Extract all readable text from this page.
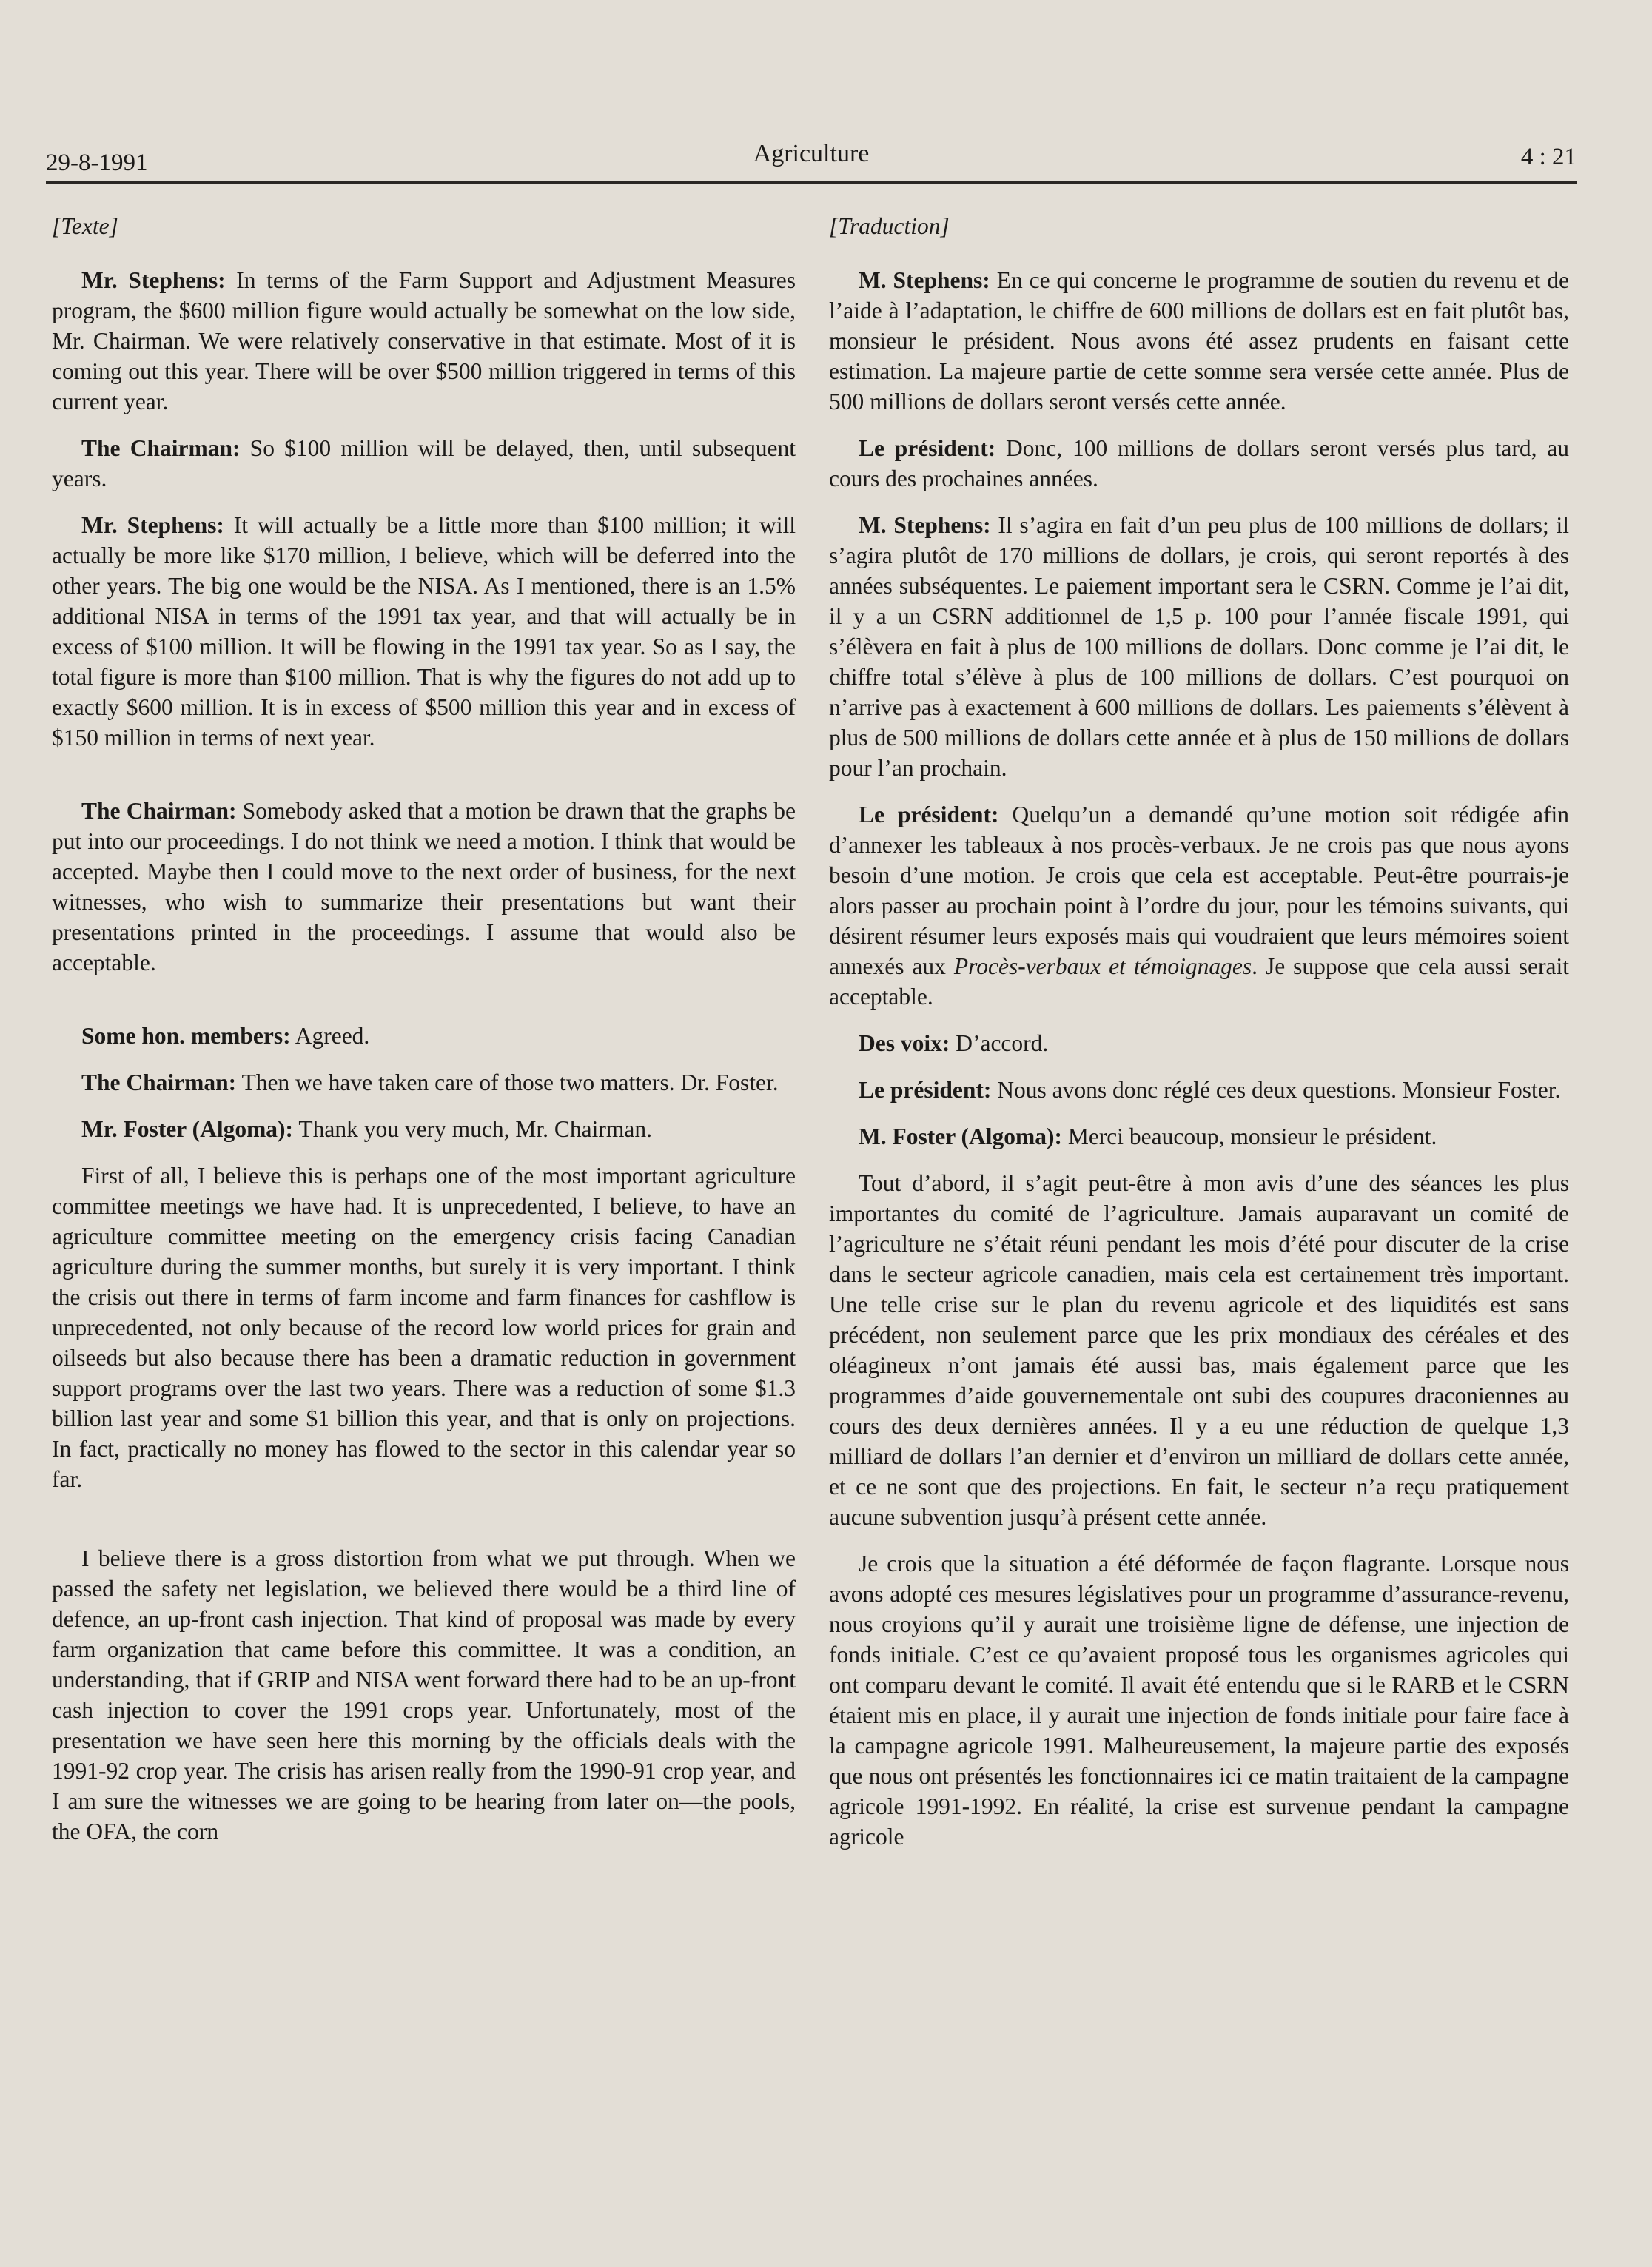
29-8-1991	Agriculture	4 : 21
[Texte]

Mr. Stephens: In terms of the Farm Support and Adjustment Measures program, the $600 million figure would actually be somewhat on the low side, Mr. Chairman. We were relatively conservative in that estimate. Most of it is coming out this year. There will be over $500 million triggered in terms of this current year.

The Chairman: So $100 million will be delayed, then, until subsequent years.

Mr. Stephens: It will actually be a little more than $100 million; it will actually be more like $170 million, I believe, which will be deferred into the other years. The big one would be the NISA. As I mentioned, there is an 1.5% additional NISA in terms of the 1991 tax year, and that will actually be in excess of $100 million. It will be flowing in the 1991 tax year. So as I say, the total figure is more than $100 million. That is why the figures do not add up to exactly $600 million. It is in excess of $500 million this year and in excess of $150 million in terms of next year.

The Chairman: Somebody asked that a motion be drawn that the graphs be put into our proceedings. I do not think we need a motion. I think that would be accepted. Maybe then I could move to the next order of business, for the next witnesses, who wish to summarize their presentations but want their presentations printed in the proceedings. I assume that would also be acceptable.

Some hon. members: Agreed.

The Chairman: Then we have taken care of those two matters. Dr. Foster.

Mr. Foster (Algoma): Thank you very much, Mr. Chairman.

First of all, I believe this is perhaps one of the most important agriculture committee meetings we have had. It is unprecedented, I believe, to have an agriculture committee meeting on the emergency crisis facing Canadian agriculture during the summer months, but surely it is very important. I think the crisis out there in terms of farm income and farm finances for cashflow is unprecedented, not only because of the record low world prices for grain and oilseeds but also because there has been a dramatic reduction in government support programs over the last two years. There was a reduction of some $1.3 billion last year and some $1 billion this year, and that is only on projections. In fact, practically no money has flowed to the sector in this calendar year so far.

I believe there is a gross distortion from what we put through. When we passed the safety net legislation, we believed there would be a third line of defence, an up-front cash injection. That kind of proposal was made by every farm organization that came before this committee. It was a condition, an understanding, that if GRIP and NISA went forward there had to be an up-front cash injection to cover the 1991 crops year. Unfortunately, most of the presentation we have seen here this morning by the officials deals with the 1991-92 crop year. The crisis has arisen really from the 1990-91 crop year, and I am sure the witnesses we are going to be hearing from later on—the pools, the OFA, the corn

[Traduction]

M. Stephens: En ce qui concerne le programme de soutien du revenu et de l’aide à l’adaptation, le chiffre de 600 millions de dollars est en fait plutôt bas, monsieur le président. Nous avons été assez prudents en faisant cette estimation. La majeure partie de cette somme sera versée cette année. Plus de 500 millions de dollars seront versés cette année.

Le président: Donc, 100 millions de dollars seront versés plus tard, au cours des prochaines années.

M. Stephens: Il s’agira en fait d’un peu plus de 100 millions de dollars; il s’agira plutôt de 170 millions de dollars, je crois, qui seront reportés à des années subséquentes. Le paiement important sera le CSRN. Comme je l’ai dit, il y a un CSRN additionnel de 1,5 p. 100 pour l’année fiscale 1991, qui s’élèvera en fait à plus de 100 millions de dollars. Donc comme je l’ai dit, le chiffre total s’élève à plus de 100 millions de dollars. C’est pourquoi on n’arrive pas à exactement à 600 millions de dollars. Les paiements s’élèvent à plus de 500 millions de dollars cette année et à plus de 150 millions de dollars pour l’an prochain.

Le président: Quelqu’un a demandé qu’une motion soit rédigée afin d’annexer les tableaux à nos procès-verbaux. Je ne crois pas que nous ayons besoin d’une motion. Je crois que cela est acceptable. Peut-être pourrais-je alors passer au prochain point à l’ordre du jour, pour les témoins suivants, qui désirent résumer leurs exposés mais qui voudraient que leurs mémoires soient annexés aux Procès-verbaux et témoignages. Je suppose que cela aussi serait acceptable.

Des voix: D’accord.

Le président: Nous avons donc réglé ces deux questions. Monsieur Foster.

M. Foster (Algoma): Merci beaucoup, monsieur le président.

Tout d’abord, il s’agit peut-être à mon avis d’une des séances les plus importantes du comité de l’agriculture. Jamais auparavant un comité de l’agriculture ne s’était réuni pendant les mois d’été pour discuter de la crise dans le secteur agricole canadien, mais cela est certainement très important. Une telle crise sur le plan du revenu agricole et des liquidités est sans précédent, non seulement parce que les prix mondiaux des céréales et des oléagineux n’ont jamais été aussi bas, mais également parce que les programmes d’aide gouvernementale ont subi des coupures draconiennes au cours des deux dernières années. Il y a eu une réduction de quelque 1,3 milliard de dollars l’an dernier et d’environ un milliard de dollars cette année, et ce ne sont que des projections. En fait, le secteur n’a reçu pratiquement aucune subvention jusqu’à présent cette année.

Je crois que la situation a été déformée de façon flagrante. Lorsque nous avons adopté ces mesures législatives pour un programme d’assurance-revenu, nous croyions qu’il y aurait une troisième ligne de défense, une injection de fonds initiale. C’est ce qu’avaient proposé tous les organismes agricoles qui ont comparu devant le comité. Il avait été entendu que si le RARB et le CSRN étaient mis en place, il y aurait une injection de fonds initiale pour faire face à la campagne agricole 1991. Malheureusement, la majeure partie des exposés que nous ont présentés les fonctionnaires ici ce matin traitaient de la campagne agricole 1991-1992. En réalité, la crise est survenue pendant la campagne agricole
